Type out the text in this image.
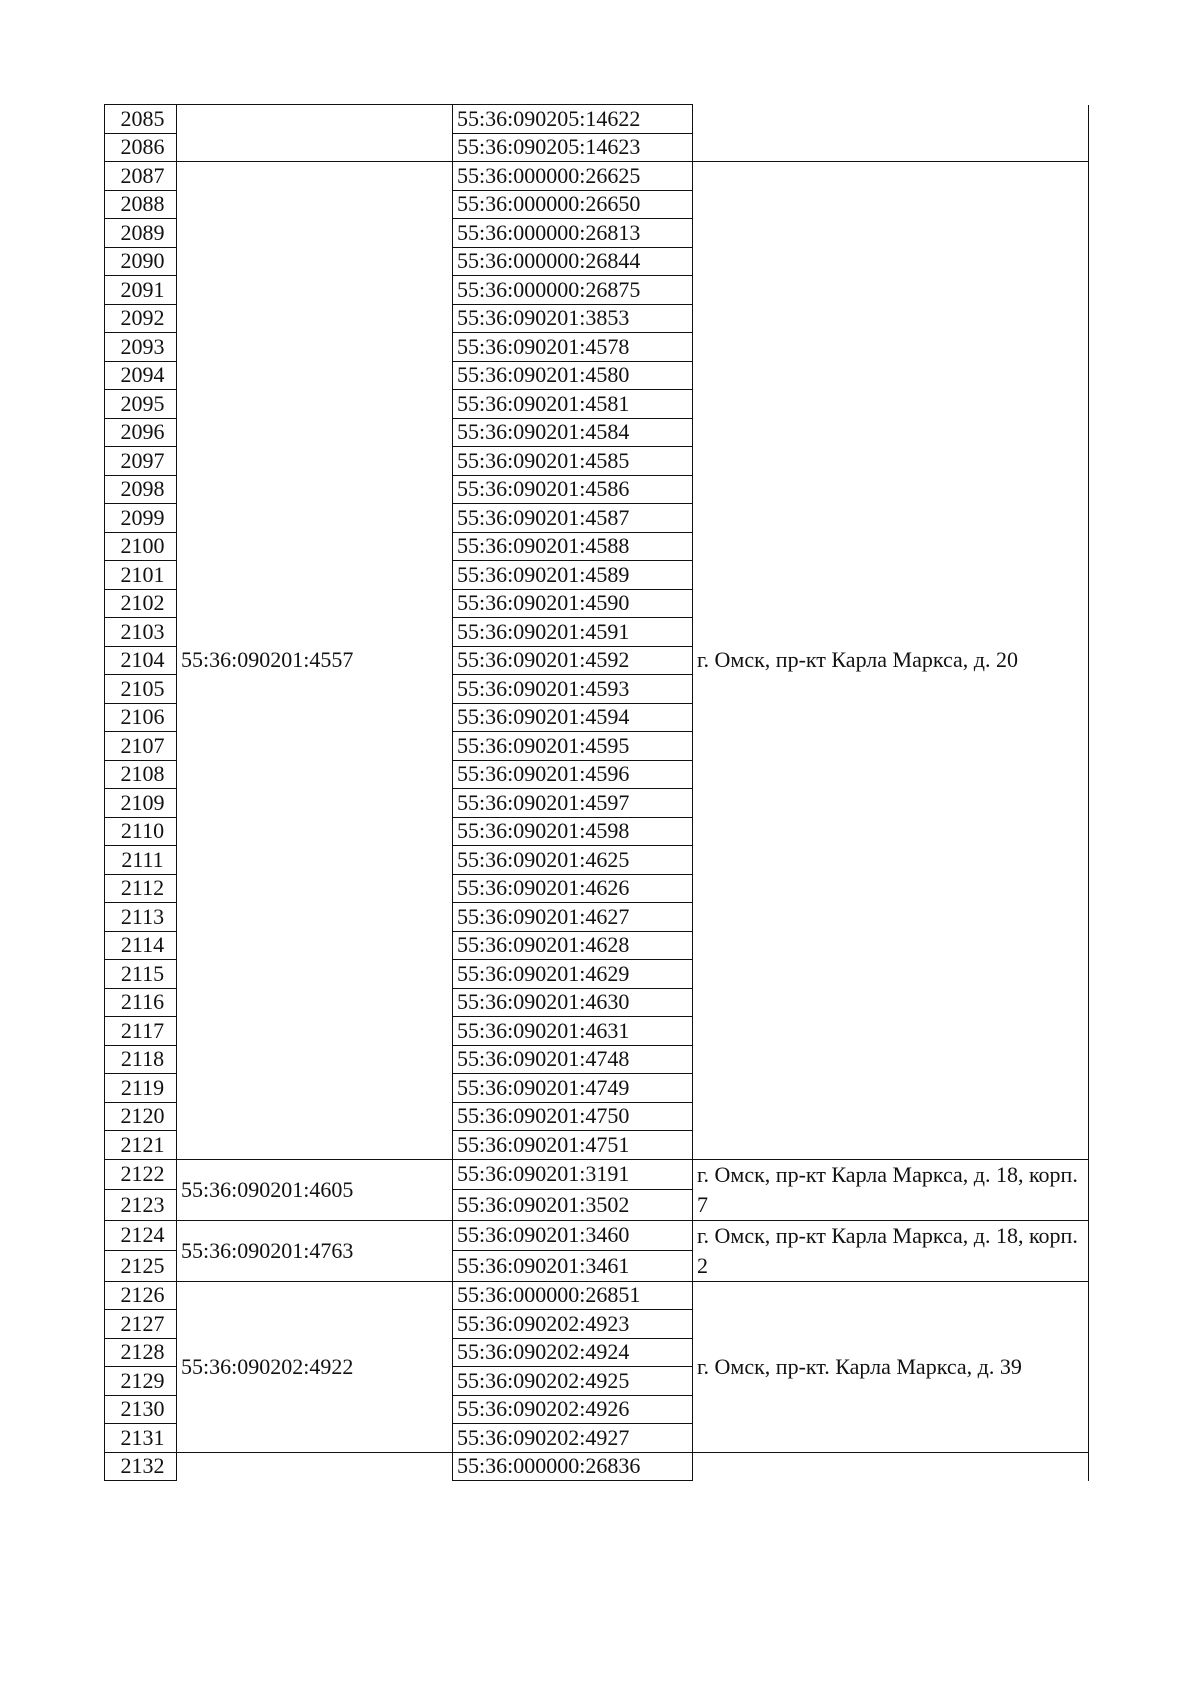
2085		55:36:090205:14622	
2086		55:36:090205:14623	
2087	55:36:090201:4557	55:36:000000:26625	г. Омск, пр-кт Карла Маркса, д. 20
2088		55:36:000000:26650	
2089		55:36:000000:26813	
2090		55:36:000000:26844	
2091		55:36:000000:26875	
2092		55:36:090201:3853	
2093		55:36:090201:4578	
2094		55:36:090201:4580	
2095		55:36:090201:4581	
2096		55:36:090201:4584	
2097		55:36:090201:4585	
2098		55:36:090201:4586	
2099		55:36:090201:4587	
2100		55:36:090201:4588	
2101		55:36:090201:4589	
2102		55:36:090201:4590	
2103		55:36:090201:4591	
2104		55:36:090201:4592	
2105		55:36:090201:4593	
2106		55:36:090201:4594	
2107		55:36:090201:4595	
2108		55:36:090201:4596	
2109		55:36:090201:4597	
2110		55:36:090201:4598	
2111		55:36:090201:4625	
2112		55:36:090201:4626	
2113		55:36:090201:4627	
2114		55:36:090201:4628	
2115		55:36:090201:4629	
2116		55:36:090201:4630	
2117		55:36:090201:4631	
2118		55:36:090201:4748	
2119		55:36:090201:4749	
2120		55:36:090201:4750	
2121		55:36:090201:4751	
2122	55:36:090201:4605	55:36:090201:3191	г. Омск, пр-кт Карла Маркса, д. 18, корп. 7
2123		55:36:090201:3502	
2124	55:36:090201:4763	55:36:090201:3460	г. Омск, пр-кт Карла Маркса, д. 18, корп. 2
2125		55:36:090201:3461	
2126	55:36:090202:4922	55:36:000000:26851	г. Омск, пр-кт. Карла Маркса, д. 39
2127		55:36:090202:4923	
2128		55:36:090202:4924	
2129		55:36:090202:4925	
2130		55:36:090202:4926	
2131		55:36:090202:4927	
2132		55:36:000000:26836	
